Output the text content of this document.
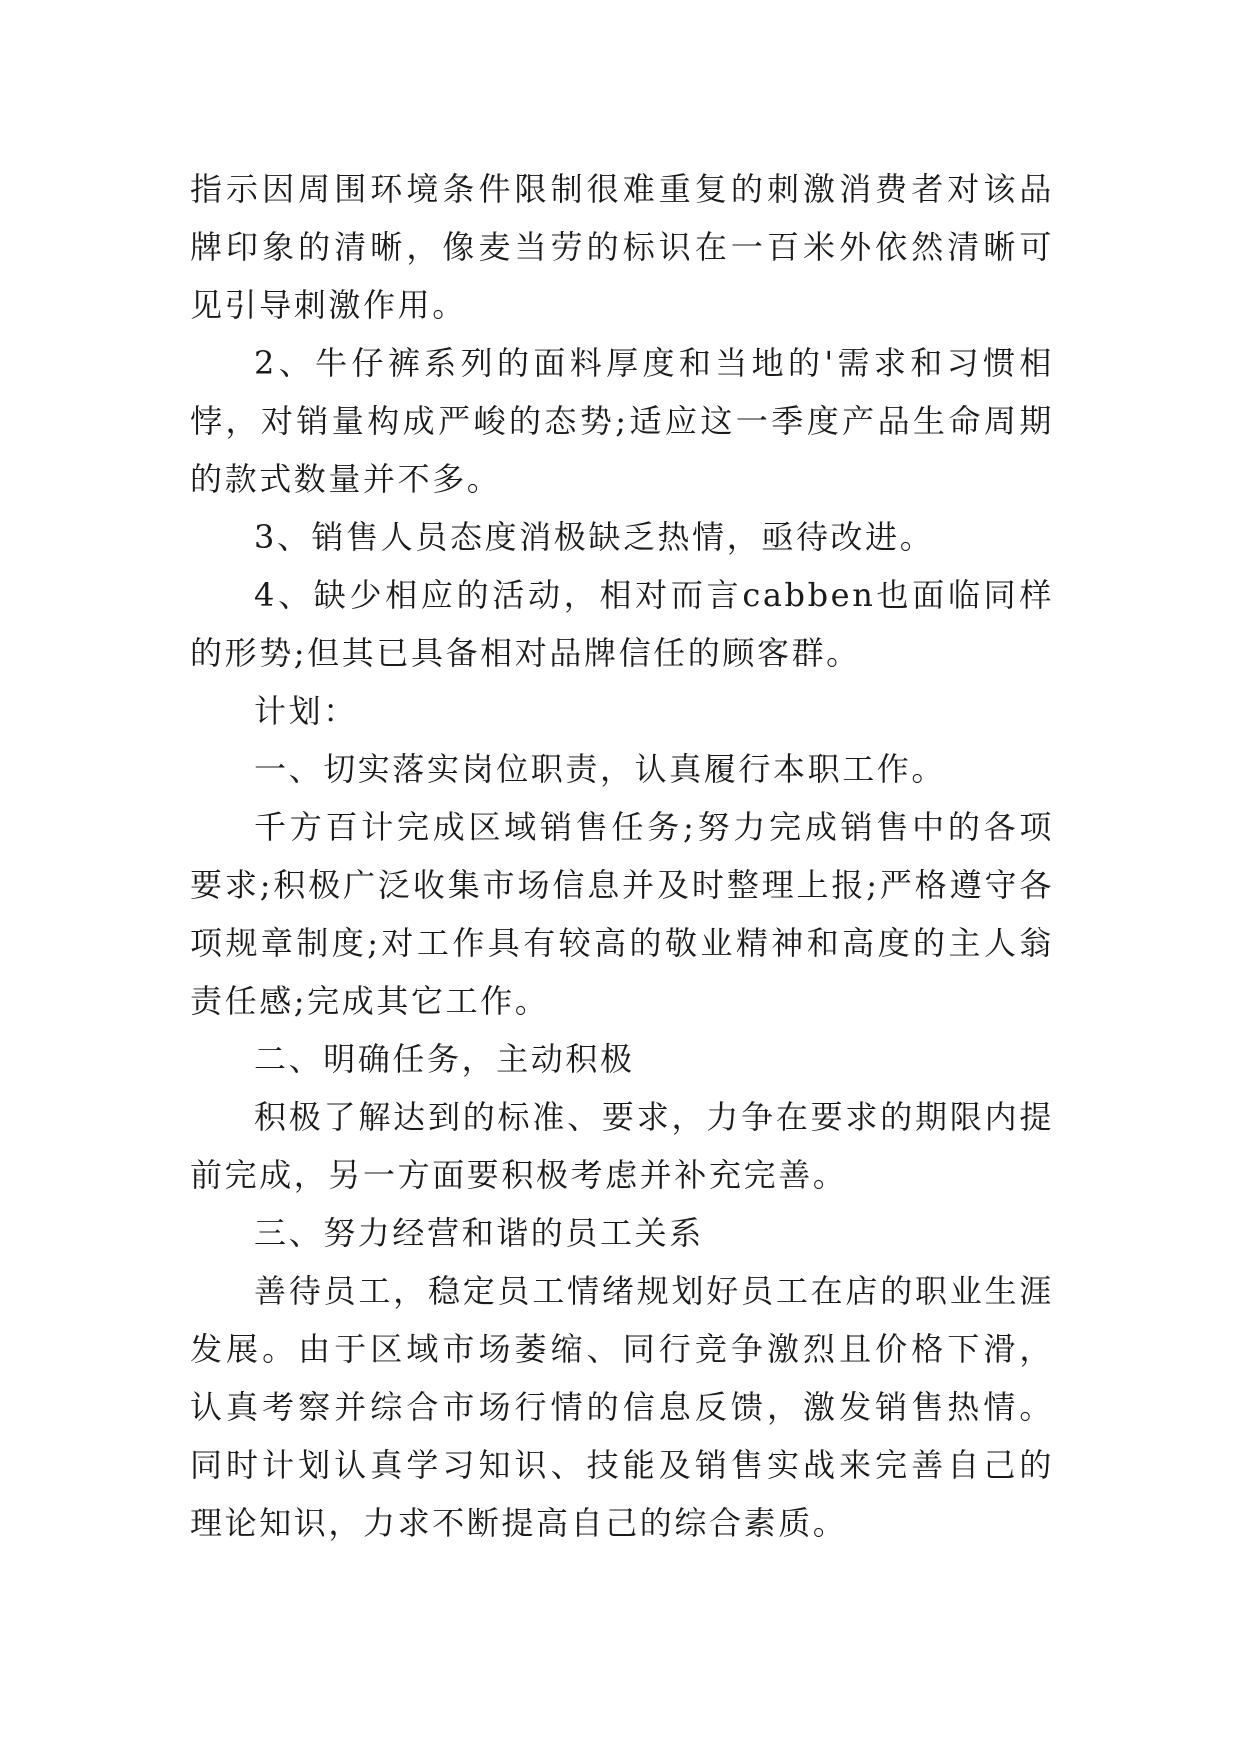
指示因周围环境条件限制很难重复的刺激消费者对该品牌印象的清晰，像麦当劳的标识在一百米外依然清晰可见引导刺激作用。

2、牛仔裤系列的面料厚度和当地的'需求和习惯相悖，对销量构成严峻的态势;适应这一季度产品生命周期的款式数量并不多。

3、销售人员态度消极缺乏热情，亟待改进。

4、缺少相应的活动，相对而言cabben也面临同样的形势;但其已具备相对品牌信任的顾客群。

计划：

一、切实落实岗位职责，认真履行本职工作。

千方百计完成区域销售任务;努力完成销售中的各项要求;积极广泛收集市场信息并及时整理上报;严格遵守各项规章制度;对工作具有较高的敬业精神和高度的主人翁责任感;完成其它工作。

二、明确任务，主动积极

积极了解达到的标准、要求，力争在要求的期限内提前完成，另一方面要积极考虑并补充完善。

三、努力经营和谐的员工关系

善待员工，稳定员工情绪规划好员工在店的职业生涯发展。由于区域市场萎缩、同行竞争激烈且价格下滑，认真考察并综合市场行情的信息反馈，激发销售热情。同时计划认真学习知识、技能及销售实战来完善自己的理论知识，力求不断提高自己的综合素质。
